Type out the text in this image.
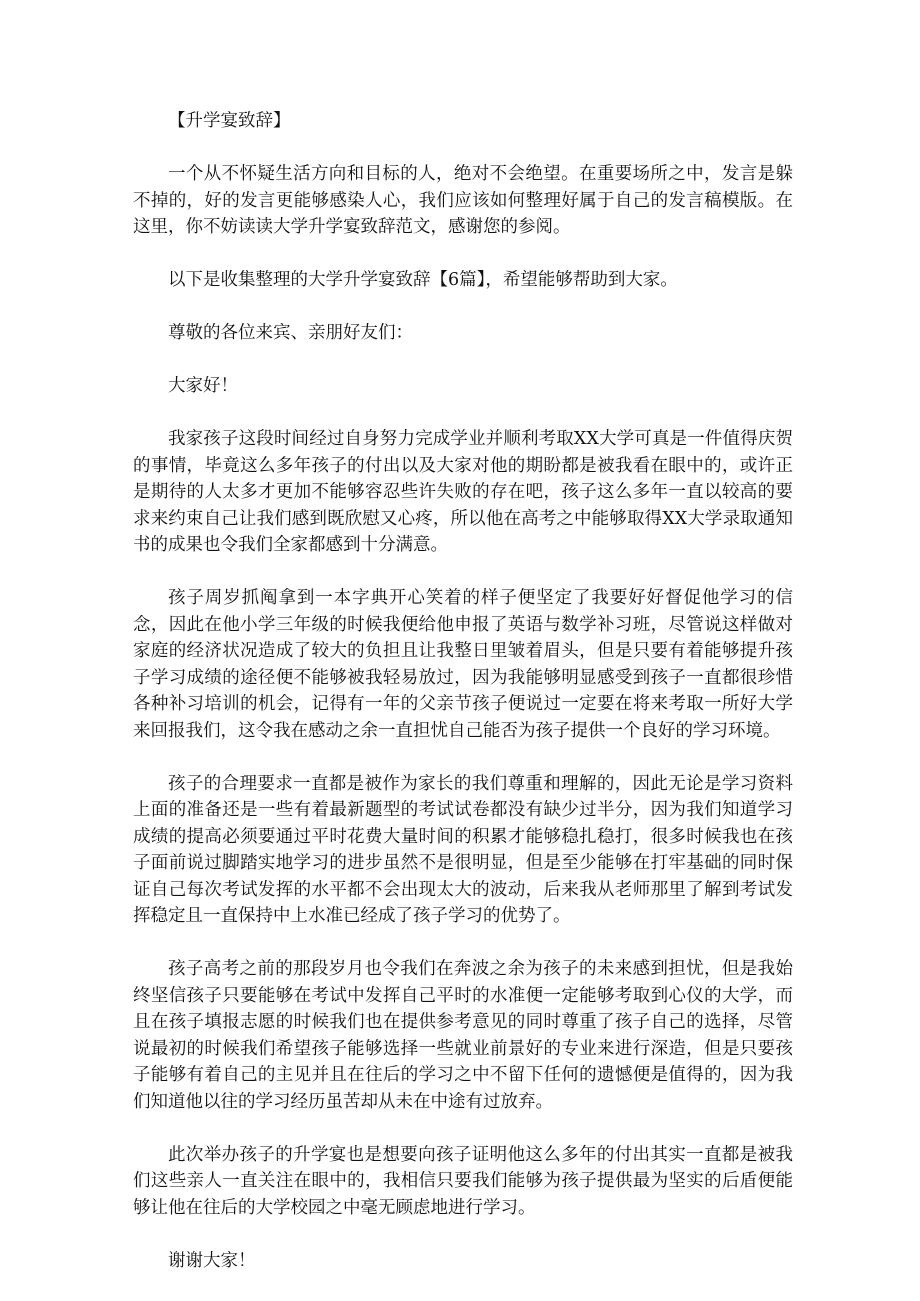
【升学宴致辞】

一个从不怀疑生活方向和目标的人，绝对不会绝望。在重要场所之中，发言是躲不掉的，好的发言更能够感染人心，我们应该如何整理好属于自己的发言稿模版。在这里，你不妨读读大学升学宴致辞范文，感谢您的参阅。

以下是收集整理的大学升学宴致辞【6篇】，希望能够帮助到大家。

尊敬的各位来宾、亲朋好友们：

大家好！

我家孩子这段时间经过自身努力完成学业并顺利考取XX大学可真是一件值得庆贺的事情，毕竟这么多年孩子的付出以及大家对他的期盼都是被我看在眼中的，或许正是期待的人太多才更加不能够容忍些许失败的存在吧，孩子这么多年一直以较高的要求来约束自己让我们感到既欣慰又心疼，所以他在高考之中能够取得XX大学录取通知书的成果也令我们全家都感到十分满意。

孩子周岁抓阄拿到一本字典开心笑着的样子便坚定了我要好好督促他学习的信念，因此在他小学三年级的时候我便给他申报了英语与数学补习班，尽管说这样做对家庭的经济状况造成了较大的负担且让我整日里皱着眉头，但是只要有着能够提升孩子学习成绩的途径便不能够被我轻易放过，因为我能够明显感受到孩子一直都很珍惜各种补习培训的机会，记得有一年的父亲节孩子便说过一定要在将来考取一所好大学来回报我们，这令我在感动之余一直担忧自己能否为孩子提供一个良好的学习环境。

孩子的合理要求一直都是被作为家长的我们尊重和理解的，因此无论是学习资料上面的准备还是一些有着最新题型的考试试卷都没有缺少过半分，因为我们知道学习成绩的提高必须要通过平时花费大量时间的积累才能够稳扎稳打，很多时候我也在孩子面前说过脚踏实地学习的进步虽然不是很明显，但是至少能够在打牢基础的同时保证自己每次考试发挥的水平都不会出现太大的波动，后来我从老师那里了解到考试发挥稳定且一直保持中上水准已经成了孩子学习的优势了。

孩子高考之前的那段岁月也令我们在奔波之余为孩子的未来感到担忧，但是我始终坚信孩子只要能够在考试中发挥自己平时的水准便一定能够考取到心仪的大学，而且在孩子填报志愿的时候我们也在提供参考意见的同时尊重了孩子自己的选择，尽管说最初的时候我们希望孩子能够选择一些就业前景好的专业来进行深造，但是只要孩子能够有着自己的主见并且在往后的学习之中不留下任何的遗憾便是值得的，因为我们知道他以往的学习经历虽苦却从未在中途有过放弃。

此次举办孩子的升学宴也是想要向孩子证明他这么多年的付出其实一直都是被我们这些亲人一直关注在眼中的，我相信只要我们能够为孩子提供最为坚实的后盾便能够让他在往后的大学校园之中毫无顾虑地进行学习。

谢谢大家！
